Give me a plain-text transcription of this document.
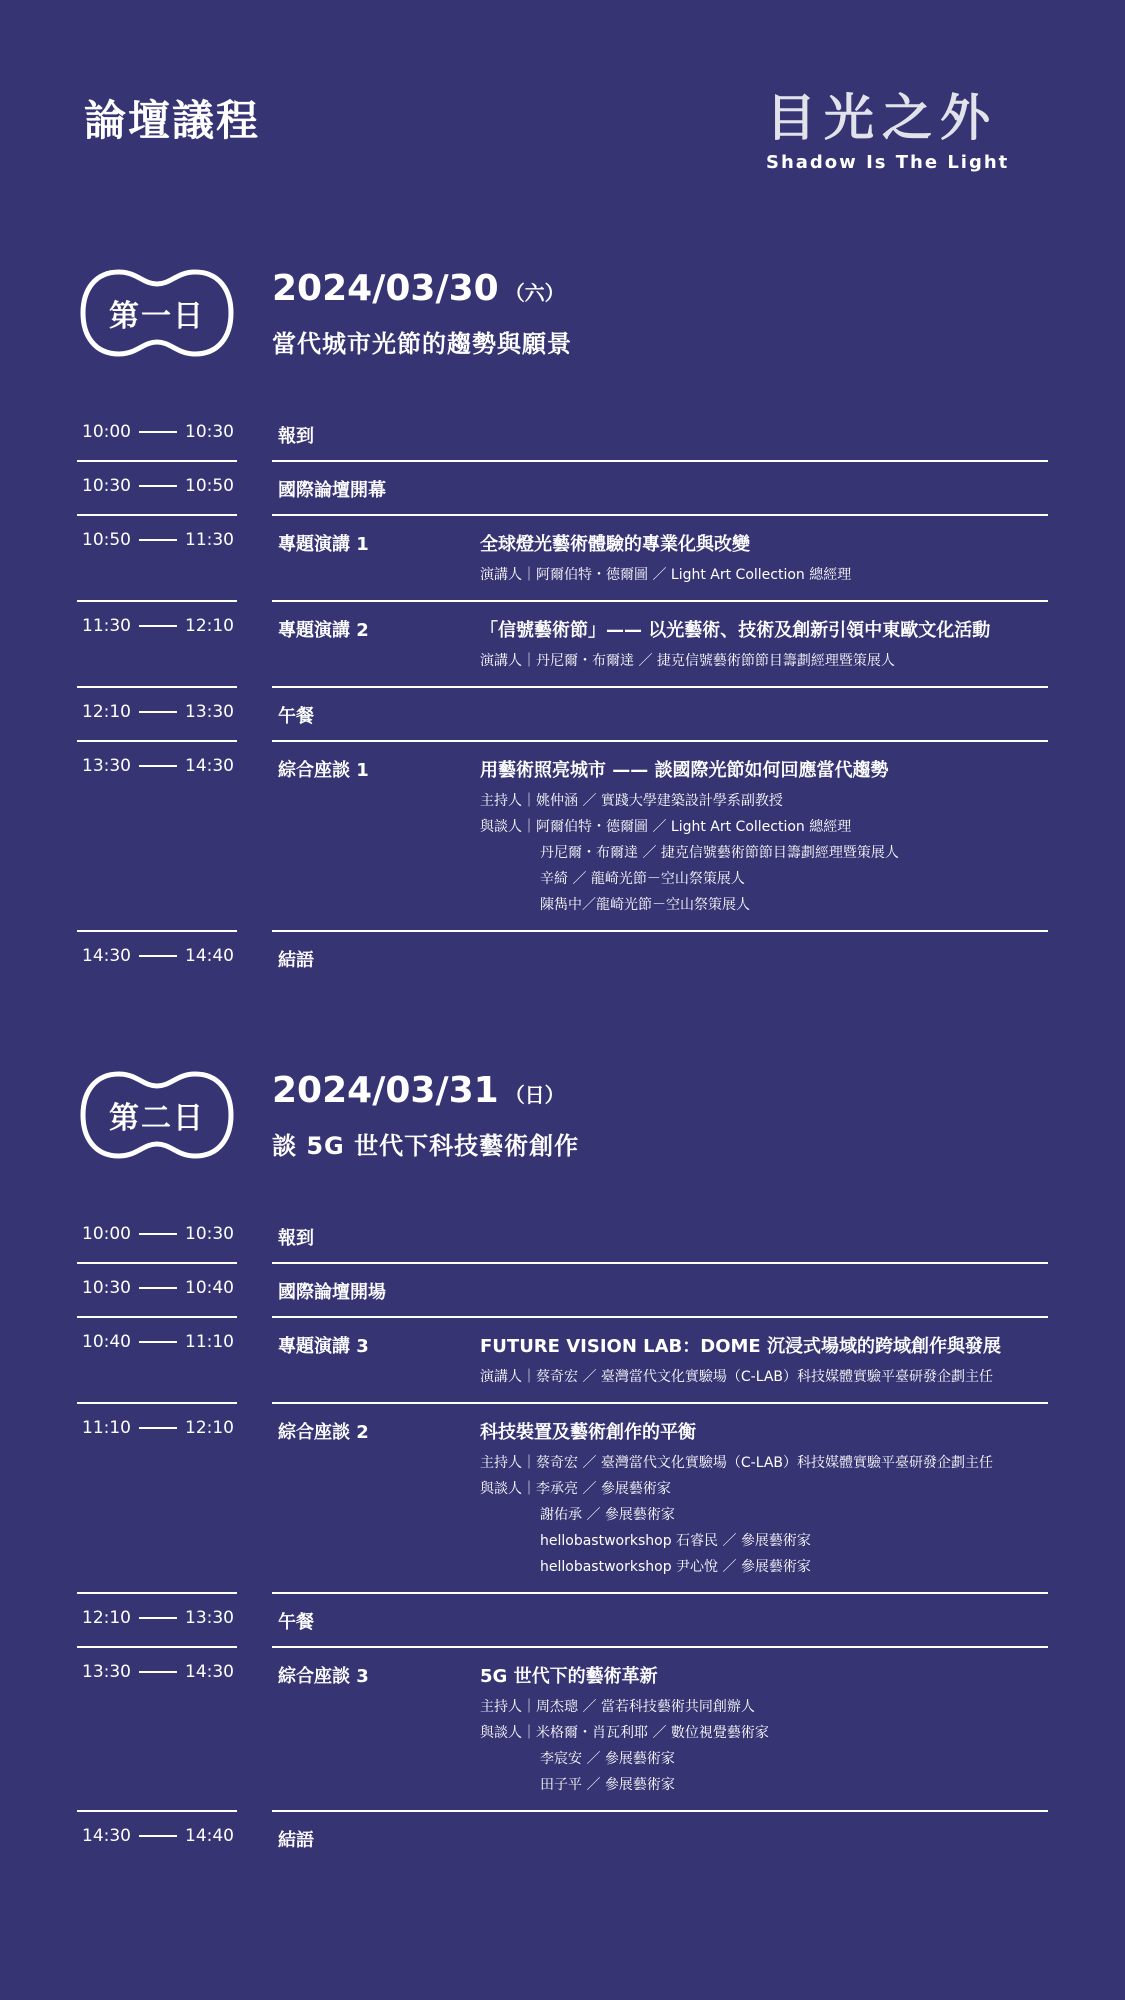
論壇議程	目光之外
Shadow Is The Light
第一日
2024/03/30 （六）
當代城市光節的趨勢與願景
10:00	10:30 報到
10:30	10:50 國際論壇開幕
10:50	11:30 專題演講 1	全球燈光藝術體驗的專業化與改變
演講人｜阿爾伯特・德爾圖 ／ Light Art Collection 總經理
11:30	12:10 專題演講 2	「信號藝術節」—— 以光藝術、技術及創新引領中東歐文化活動
演講人｜丹尼爾・布爾達 ／ 捷克信號藝術節節目籌劃經理暨策展人
12:10	13:30 午餐
13:30	14:30 綜合座談 1	用藝術照亮城市 —— 談國際光節如何回應當代趨勢
主持人｜姚仲涵 ／ 實踐大學建築設計學系副教授
與談人｜阿爾伯特・德爾圖 ／ Light Art Collection 總經理
丹尼爾・布爾達 ／ 捷克信號藝術節節目籌劃經理暨策展人
辛綺 ／ 龍崎光節－空山祭策展人
陳雋中／龍崎光節－空山祭策展人
14:30	14:40 結語
第二日
2024/03/31 （日）
談 5G 世代下科技藝術創作
10:00	10:30 報到
10:30	10:40 國際論壇開場
10:40	11:10 專題演講 3	FUTURE VISION LAB：DOME 沉浸式場域的跨域創作與發展
演講人｜蔡奇宏 ／ 臺灣當代文化實驗場（C-LAB）科技媒體實驗平臺研發企劃主任
11:10	12:10 綜合座談 2	科技裝置及藝術創作的平衡
主持人｜蔡奇宏 ／ 臺灣當代文化實驗場（C-LAB）科技媒體實驗平臺研發企劃主任
與談人｜李承亮 ／ 參展藝術家
謝佑承 ／ 參展藝術家
hellobastworkshop 石睿民 ／ 參展藝術家
hellobastworkshop 尹心悅 ／ 參展藝術家
12:10	13:30 午餐
13:30	14:30 綜合座談 3	5G 世代下的藝術革新
主持人｜周杰璁 ／ 當若科技藝術共同創辦人
與談人｜米格爾・肖瓦利耶 ／ 數位視覺藝術家
李宸安 ／ 參展藝術家
田子平 ／ 參展藝術家
14:30	14:40 結語
